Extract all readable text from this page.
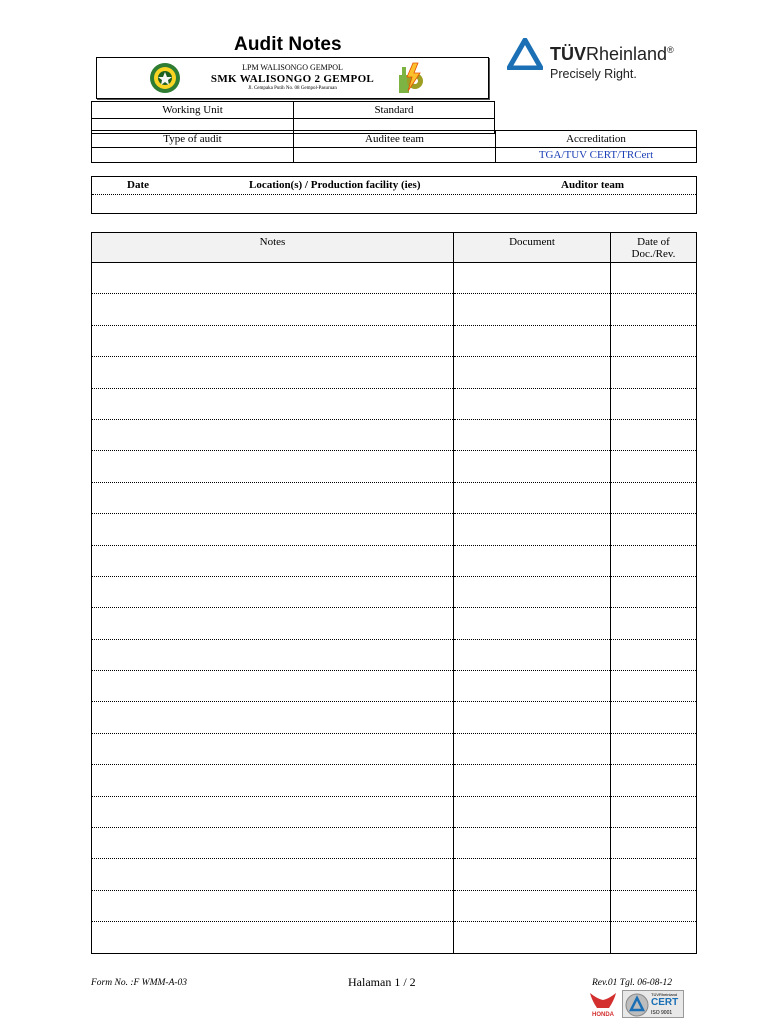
Audit Notes
LPM WALISONGO GEMPOL
SMK WALISONGO 2 GEMPOL
Jl. Cempaka Putih No. 08 Gempol-Pasuruan
TÜVRheinland®
Precisely Right.
Working Unit	Standard

Type of audit	Auditee team	Accreditation
		TGA/TUV CERT/TRCert
Date	Location(s) / Production facility (ies)	Auditor team
Notes	Document	Date of
Doc./Rev.

Form No. :F WMM-A-03	Halaman 1 / 2	Rev.01 Tgl. 06-08-12
HONDA
TÜVRheinland
CERT
ISO 9001
